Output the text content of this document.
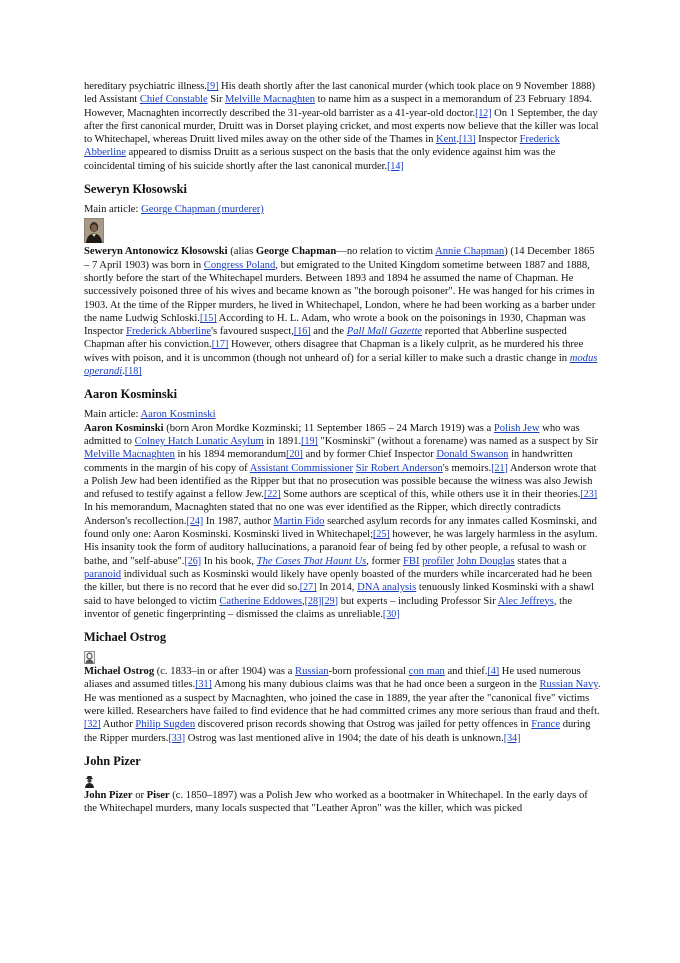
hereditary psychiatric illness.[9] His death shortly after the last canonical murder (which took place on 9 November 1888) led Assistant Chief Constable Sir Melville Macnaghten to name him as a suspect in a memorandum of 23 February 1894. However, Macnaghten incorrectly described the 31-year-old barrister as a 41-year-old doctor.[12] On 1 September, the day after the first canonical murder, Druitt was in Dorset playing cricket, and most experts now believe that the killer was local to Whitechapel, whereas Druitt lived miles away on the other side of the Thames in Kent.[13] Inspector Frederick Abberline appeared to dismiss Druitt as a serious suspect on the basis that the only evidence against him was the coincidental timing of his suicide shortly after the last canonical murder.[14]

Seweryn Kłosowski

Main article: George Chapman (murderer)

Seweryn Antonowicz Kłosowski (alias George Chapman—no relation to victim Annie Chapman) (14 December 1865 – 7 April 1903) was born in Congress Poland, but emigrated to the United Kingdom sometime between 1887 and 1888, shortly before the start of the Whitechapel murders. Between 1893 and 1894 he assumed the name of Chapman. He successively poisoned three of his wives and became known as "the borough poisoner". He was hanged for his crimes in 1903. At the time of the Ripper murders, he lived in Whitechapel, London, where he had been working as a barber under the name Ludwig Schloski.[15] According to H. L. Adam, who wrote a book on the poisonings in 1930, Chapman was Inspector Frederick Abberline's favoured suspect,[16] and the Pall Mall Gazette reported that Abberline suspected Chapman after his conviction.[17] However, others disagree that Chapman is a likely culprit, as he murdered his three wives with poison, and it is uncommon (though not unheard of) for a serial killer to make such a drastic change in modus operandi.[18]

Aaron Kosminski

Main article: Aaron Kosminski

Aaron Kosminski (born Aron Mordke Kozminski; 11 September 1865 – 24 March 1919) was a Polish Jew who was admitted to Colney Hatch Lunatic Asylum in 1891.[19] "Kosminski" (without a forename) was named as a suspect by Sir Melville Macnaghten in his 1894 memorandum[20] and by former Chief Inspector Donald Swanson in handwritten comments in the margin of his copy of Assistant Commissioner Sir Robert Anderson's memoirs.[21] Anderson wrote that a Polish Jew had been identified as the Ripper but that no prosecution was possible because the witness was also Jewish and refused to testify against a fellow Jew.[22] Some authors are sceptical of this, while others use it in their theories.[23] In his memorandum, Macnaghten stated that no one was ever identified as the Ripper, which directly contradicts Anderson's recollection.[24] In 1987, author Martin Fido searched asylum records for any inmates called Kosminski, and found only one: Aaron Kosminski. Kosminski lived in Whitechapel;[25] however, he was largely harmless in the asylum. His insanity took the form of auditory hallucinations, a paranoid fear of being fed by other people, a refusal to wash or bathe, and "self-abuse".[26] In his book, The Cases That Haunt Us, former FBI profiler John Douglas states that a paranoid individual such as Kosminski would likely have openly boasted of the murders while incarcerated had he been the killer, but there is no record that he ever did so.[27] In 2014, DNA analysis tenuously linked Kosminski with a shawl said to have belonged to victim Catherine Eddowes,[28][29] but experts – including Professor Sir Alec Jeffreys, the inventor of genetic fingerprinting – dismissed the claims as unreliable.[30]

Michael Ostrog

Michael Ostrog (c. 1833–in or after 1904) was a Russian-born professional con man and thief.[4] He used numerous aliases and assumed titles.[31] Among his many dubious claims was that he had once been a surgeon in the Russian Navy. He was mentioned as a suspect by Macnaghten, who joined the case in 1889, the year after the "canonical five" victims were killed. Researchers have failed to find evidence that he had committed crimes any more serious than fraud and theft.[32] Author Philip Sugden discovered prison records showing that Ostrog was jailed for petty offences in France during the Ripper murders.[33] Ostrog was last mentioned alive in 1904; the date of his death is unknown.[34]

John Pizer

John Pizer or Piser (c. 1850–1897) was a Polish Jew who worked as a bootmaker in Whitechapel. In the early days of the Whitechapel murders, many locals suspected that "Leather Apron" was the killer, which was picked
